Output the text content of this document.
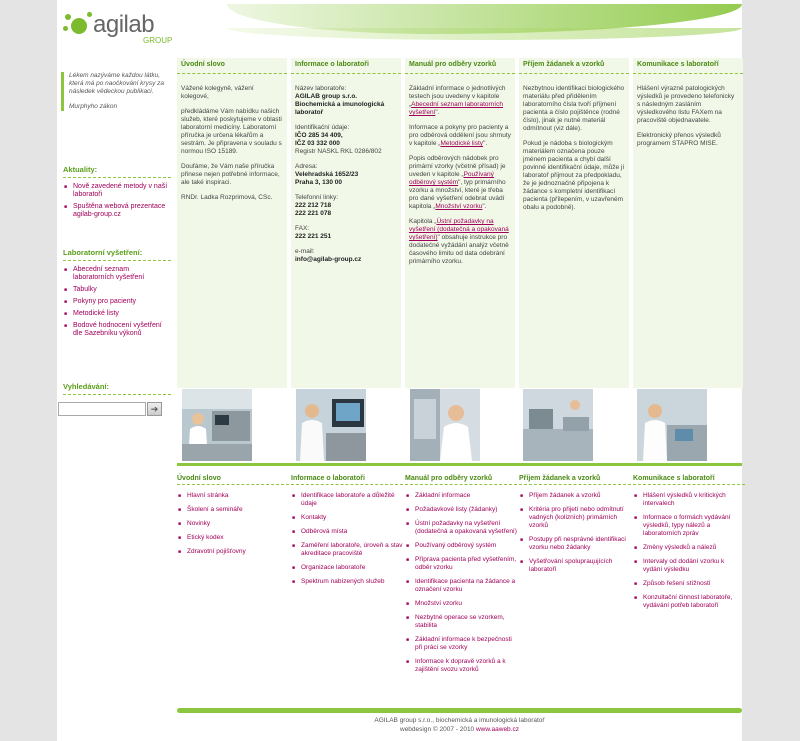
agilab
GROUP
Lékem nazýváme každou látku, která má po naočkování krysy za následek vědeckou publikaci.
Murphyho zákon
Aktuality:
■ Nově zavedené metody v naší laboratoři
■ Spuštěna webová prezentace agilab-group.cz
Laboratorní vyšetření:
■ Abecední seznam laboratorních vyšetření
■ Tabulky
■ Pokyny pro pacienty
■ Metodické listy
■ Bodové hodnocení vyšetření dle Sazebníku výkonů
Vyhledávání:
➔
Úvodní slovo

Vážené kolegyně, vážení kolegové,

předkládáme Vám nabídku našich služeb, které poskytujeme v oblasti laboratorní medicíny. Laboratorní příručka je určena lékařům a sestrám. Je připravena v souladu s normou ISO 15189.

Doufáme, že Vám naše příručka přinese nejen potřebné informace, ale také inspiraci.

RNDr. Ladka Rozprimová, CSc.

Informace o laboratoři

Název laboratoře:
AGILAB group s.r.o. Biochemická a imunologická laboratoř

Identifikační údaje:
IČO 285 34 409,
IČZ 03 332 000
Registr NASKL RKL 0286/802

Adresa:
Velehradská 1652/23
Praha 3, 130 00

Telefonní linky:
222 212 718
222 221 078

FAX:
222 221 251

e-mail:
info@agilab-group.cz

Manuál pro odběry vzorků

Základní informace o jednotlivých testech jsou uvedeny v kapitole „Abecední seznam laboratorních vyšetření".

Informace a pokyny pro pacienty a pro odběrová oddělení jsou shrnuty v kapitole „Metodické listy".

Popis odběrových nádobek pro primární vzorky (včetně přísad) je uveden v kapitole „Používaný odběrový systém", typ primárního vzorku a množství, které je třeba pro dané vyšetření odebrat uvádí kapitola „Množství vzorku".

Kapitola „Ústní požadavky na vyšetření (dodatečná a opakovaná vyšetření)" obsahuje instrukce pro dodatečné vyžádání analýz včetně časového limitu od data odebrání primárního vzorku.

Příjem žádanek a vzorků

Nezbytnou identifikaci biologického materiálu před přidělením laboratorního čísla tvoří příjmení pacienta a číslo pojištěnce (rodné číslo), jinak je nutné materiál odmítnout (viz dále).

Pokud je nádoba s biologickým materiálem označena pouze jménem pacienta a chybí další povinné identifikační údaje, může jí laboratoř přijmout za předpokladu, že je jednoznačně připojena k žádance s kompletní identifikací pacienta (přílepením, v uzavřeném obalu a podobně).

Komunikace s laboratoří

Hlášení výrazně patologických výsledků je provedeno telefonicky s následným zasláním výsledkového listu FAXem na pracoviště objednavatele.

Elektronický přenos výsledků programem STAPRO MISE.

Úvodní slovo
■ Hlavní stránka
■ Školení a semináře
■ Novinky
■ Etický kodex
■ Zdravotní pojišťovny
Informace o laboratoři
■ Identifikace laboratoře a důležité údaje
■ Kontakty
■ Odběrová místa
■ Zaměření laboratoře, úroveň a stav akreditace pracoviště
■ Organizace laboratoře
■ Spektrum nabízených služeb
Manuál pro odběry vzorků
■ Základní informace
■ Požadavkové listy (žádanky)
■ Ústní požadavky na vyšetření (dodatečná a opakovaná vyšetření)
■ Používaný odběrový systém
■ Příprava pacienta před vyšetřením, odběr vzorku
■ Identifikace pacienta na žádance a označení vzorku
■ Množství vzorku
■ Nezbytné operace se vzorkem, stabilita
■ Základní informace k bezpečnosti při práci se vzorky
■ Informace k dopravě vzorků a k zajištění svozu vzorků
Příjem žádanek a vzorků
■ Příjem žádanek a vzorků
■ Kritéria pro přijetí nebo odmítnutí vadných (kolizních) primárních vzorků
■ Postupy při nesprávné identifikaci vzorku nebo žádanky
■ Vyšetřování spoluprацujících laboratoří
Komunikace s laboratoří
■ Hlášení výsledků v kritických intervalech
■ Informace o formách vydávání výsledků, typy nálezů a laboratorních zpráv
■ Změny výsledků a nálezů
■ Intervaly od dodání vzorku k vydání výsledku
■ Způsob řešení stížností
■ Konzultační činnost laboratoře, vydávání potřeb laboratoří
AGILAB group s.r.o., biochemická a imunologická laboratoř
webdesign © 2007 - 2010 www.aaweb.cz
